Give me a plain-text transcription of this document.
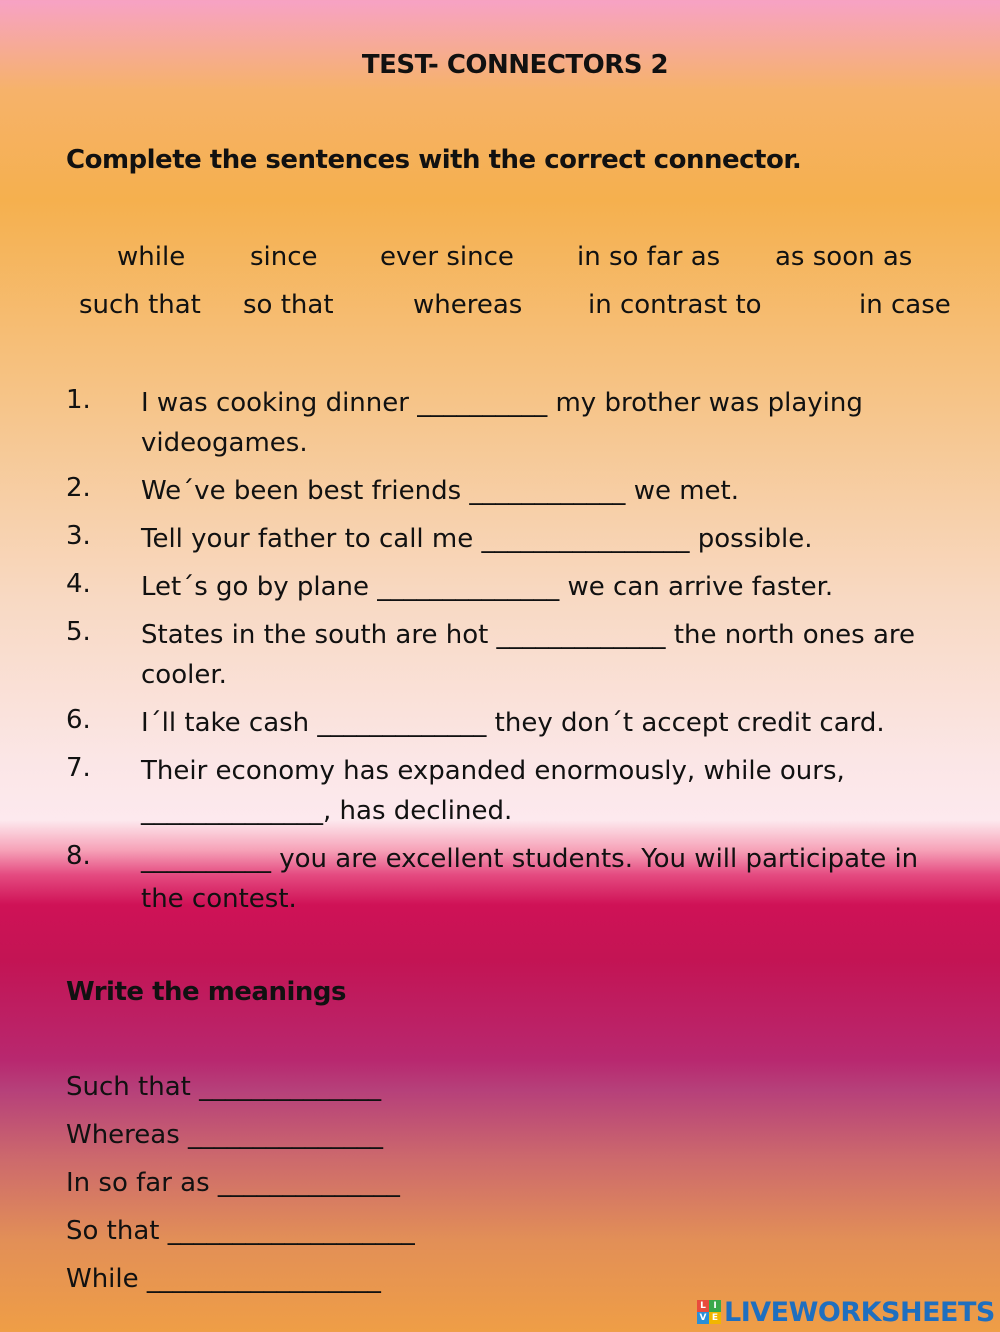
TEST- CONNECTORS 2
Complete the sentences with the correct connector.
while since ever since in so far as as soon as
such that so that	whereas	in contrast to	in case
1. I was cooking dinner __________ my brother was playing videogames.
2. We´ve been best friends ____________ we met.
3. Tell your father to call me ________________ possible.
4. Let´s go by plane ______________ we can arrive faster.
5. States in the south are hot _____________ the north ones are cooler.
6. I´ll take cash _____________ they don´t accept credit card.
7. Their economy has expanded enormously, while ours, ______________, has declined.
8. __________ you are excellent students. You will participate in the contest.
Write the meanings
Such that ______________
Whereas _______________
In so far as ______________
So that ___________________
While __________________
L I
V E LIVEWORKSHEETS
